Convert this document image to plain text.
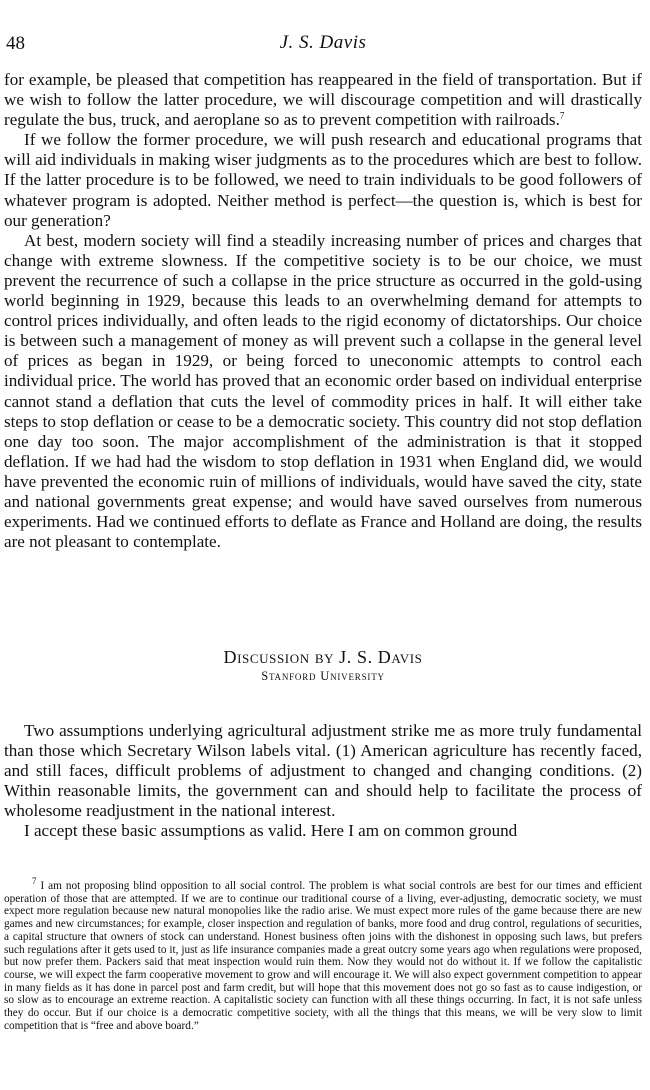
48	J. S. Davis

for example, be pleased that competition has reappeared in the field of transportation. But if we wish to follow the latter procedure, we will discourage competition and will drastically regulate the bus, truck, and aeroplane so as to prevent competition with railroads.$^7$

If we follow the former procedure, we will push research and educational programs that will aid individuals in making wiser judgments as to the procedures which are best to follow. If the latter procedure is to be followed, we need to train individuals to be good followers of whatever program is adopted. Neither method is perfect—the question is, which is best for our generation?

At best, modern society will find a steadily increasing number of prices and charges that change with extreme slowness. If the competitive society is to be our choice, we must prevent the recurrence of such a collapse in the price structure as occurred in the gold-using world beginning in 1929, because this leads to an overwhelming demand for attempts to control prices individually, and often leads to the rigid economy of dictatorships. Our choice is between such a management of money as will prevent such a collapse in the general level of prices as began in 1929, or being forced to uneconomic attempts to control each individual price. The world has proved that an economic order based on individual enterprise cannot stand a deflation that cuts the level of commodity prices in half. It will either take steps to stop deflation or cease to be a democratic society. This country did not stop deflation one day too soon. The major accomplishment of the administration is that it stopped deflation. If we had had the wisdom to stop deflation in 1931 when England did, we would have prevented the economic ruin of millions of individuals, would have saved the city, state and national governments great expense; and would have saved ourselves from numerous experiments. Had we continued efforts to deflate as France and Holland are doing, the results are not pleasant to contemplate.

Discussion by J. S. Davis
Stanford University

Two assumptions underlying agricultural adjustment strike me as more truly fundamental than those which Secretary Wilson labels vital. (1) American agriculture has recently faced, and still faces, difficult problems of adjustment to changed and changing conditions. (2) Within reasonable limits, the government can and should help to facilitate the process of wholesome readjustment in the national interest.

I accept these basic assumptions as valid. Here I am on common ground

$^7$ I am not proposing blind opposition to all social control. The problem is what social controls are best for our times and efficient operation of those that are attempted. If we are to continue our traditional course of a living, ever-adjusting, democratic society, we must expect more regulation because new natural monopolies like the radio arise. We must expect more rules of the game because there are new games and new circumstances; for example, closer inspection and regulation of banks, more food and drug control, regulations of securities, a capital structure that owners of stock can understand. Honest business often joins with the dishonest in opposing such laws, but prefers such regulations after it gets used to it, just as life insurance companies made a great outcry some years ago when regulations were proposed, but now prefer them. Packers said that meat inspection would ruin them. Now they would not do without it. If we follow the capitalistic course, we will expect the farm cooperative movement to grow and will encourage it. We will also expect government competition to appear in many fields as it has done in parcel post and farm credit, but will hope that this movement does not go so fast as to cause indigestion, or so slow as to encourage an extreme reaction. A capitalistic society can function with all these things occurring. In fact, it is not safe unless they do occur. But if our choice is a democratic competitive society, with all the things that this means, we will be very slow to limit competition that is “free and above board.”
